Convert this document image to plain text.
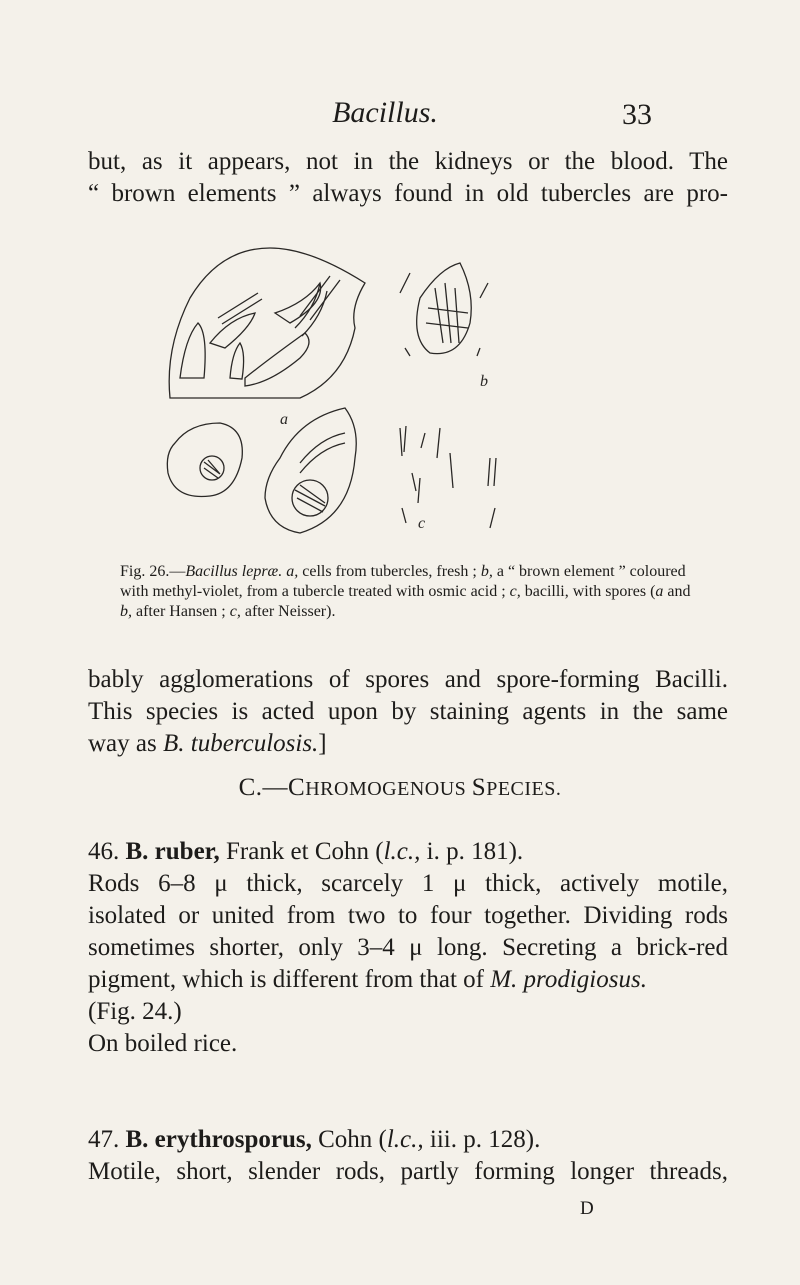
Bacillus.	33
but, as it appears, not in the kidneys or the blood. The
“ brown elements ” always found in old tubercles are pro-
a
b
c
Fig. 26.—Bacillus lepræ. a, cells from tubercles, fresh ; b, a “ brown element ” coloured with methyl-violet, from a tubercle treated with osmic acid ; c, bacilli, with spores (a and b, after Hansen ; c, after Neisser).
bably agglomerations of spores and spore-forming Bacilli.
This species is acted upon by staining agents in the same
way as B. tuberculosis.]
C.—CHROMOGENOUS SPECIES.
46. B. ruber, Frank et Cohn (l.c., i. p. 181).
Rods 6–8 μ thick, scarcely 1 μ thick, actively motile,
isolated or united from two to four together. Dividing rods
sometimes shorter, only 3–4 μ long. Secreting a brick-red
pigment, which is different from that of M. prodigiosus.
(Fig. 24.)
On boiled rice.
47. B. erythrosporus, Cohn (l.c., iii. p. 128).
Motile, short, slender rods, partly forming longer threads,
D
